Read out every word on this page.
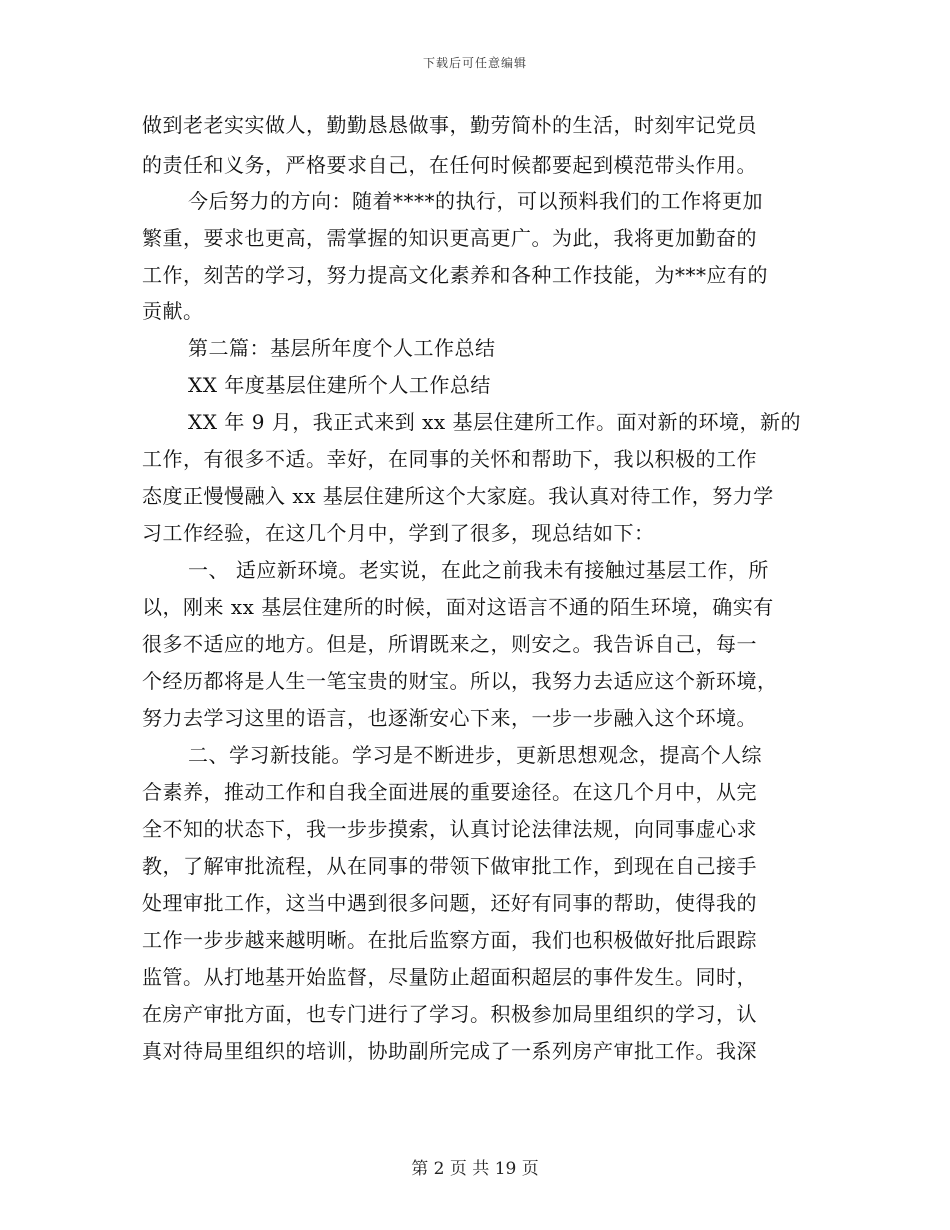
下载后可任意编辑
做到老老实实做人，勤勤恳恳做事，勤劳简朴的生活，时刻牢记党员
的责任和义务，严格要求自己，在任何时候都要起到模范带头作用。
今后努力的方向：随着****的执行，可以预料我们的工作将更加
繁重，要求也更高，需掌握的知识更高更广。为此，我将更加勤奋的
工作，刻苦的学习，努力提高文化素养和各种工作技能，为***应有的
贡献。
第二篇：基层所年度个人工作总结
XX 年度基层住建所个人工作总结
XX 年 9 月，我正式来到 xx 基层住建所工作。面对新的环境，新的
工作，有很多不适。幸好，在同事的关怀和帮助下，我以积极的工作
态度正慢慢融入 xx 基层住建所这个大家庭。我认真对待工作，努力学
习工作经验，在这几个月中，学到了很多，现总结如下：
一、 适应新环境。老实说，在此之前我未有接触过基层工作，所
以，刚来 xx 基层住建所的时候，面对这语言不通的陌生环境，确实有
很多不适应的地方。但是，所谓既来之，则安之。我告诉自己，每一
个经历都将是人生一笔宝贵的财宝。所以，我努力去适应这个新环境，
努力去学习这里的语言，也逐渐安心下来，一步一步融入这个环境。
二、学习新技能。学习是不断进步，更新思想观念，提高个人综
合素养，推动工作和自我全面进展的重要途径。在这几个月中，从完
全不知的状态下，我一步步摸索，认真讨论法律法规，向同事虚心求
教，了解审批流程，从在同事的带领下做审批工作，到现在自己接手
处理审批工作，这当中遇到很多问题，还好有同事的帮助，使得我的
工作一步步越来越明晰。在批后监察方面，我们也积极做好批后跟踪
监管。从打地基开始监督，尽量防止超面积超层的事件发生。同时，
在房产审批方面，也专门进行了学习。积极参加局里组织的学习，认
真对待局里组织的培训，协助副所完成了一系列房产审批工作。我深
第 2 页 共 19 页
